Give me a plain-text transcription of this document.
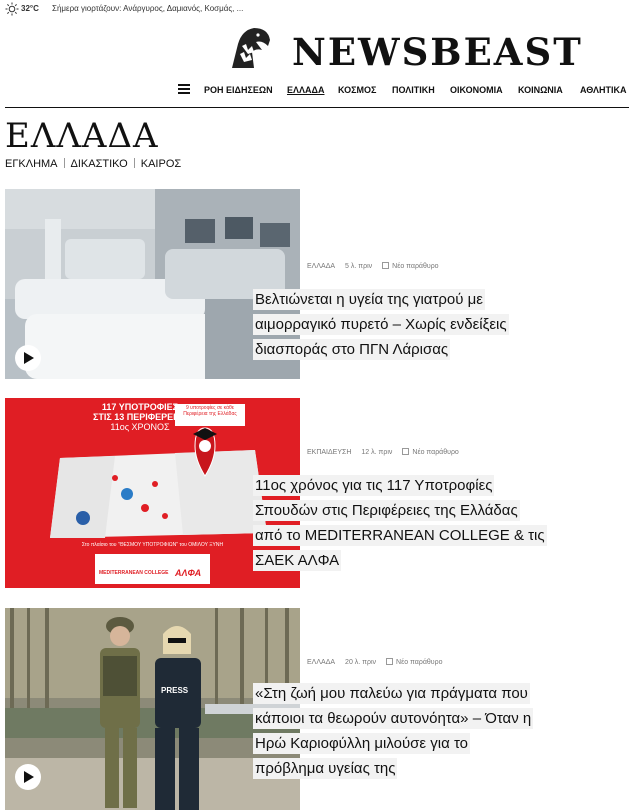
32°C Σήμερα γιορτάζουν: Ανάργυρος, Δαμιανός, Κοσμάς, ...
NEWSBEAST
ΡΟΗ ΕΙΔΗΣΕΩΝ ΕΛΛΑΔΑ ΚΟΣΜΟΣ ΠΟΛΙΤΙΚΗ ΟΙΚΟΝΟΜΙΑ ΚΟΙΝΩΝΙΑ ΑΘΛΗΤΙΚΑ
ΕΛΛΑΔΑ
ΕΓΚΛΗΜΑ ΔΙΚΑΣΤΙΚΟ ΚΑΙΡΟΣ
ΕΛΛΑΔΑ 5 λ. πριν	Νέο παράθυρο
Βελτιώνεται η υγεία της γιατρού με
αιμορραγικό πυρετό – Χωρίς ενδείξεις
διασποράς στο ΠΓΝ Λάρισας
117 ΥΠΟΤΡΟΦΙΕΣ
ΣΤΙΣ 13 ΠΕΡΙΦΕΡΕΙΕΣ
11ος ΧΡΟΝΟΣ
9 υποτροφίες σε κάθε Περιφέρεια της Ελλάδας
Στο πλαίσιο του "ΘΕΣΜΟΥ ΥΠΟΤΡΟΦΙΩΝ" του ΟΜΙΛΟΥ ΞΥΝΗ
MEDITERRANEAN COLLEGE ΑΛΦΑ
ΕΚΠΑΙΔΕΥΣΗ 12 λ. πριν	Νέο παράθυρο
11ος χρόνος για τις 117 Υποτροφίες
Σπουδών στις Περιφέρειες της Ελλάδας
από το MEDITERRANEAN COLLEGE & τις
ΣΑΕΚ ΑΛΦΑ
PRESS
ΕΛΛΑΔΑ 20 λ. πριν	Νέο παράθυρο
«Στη ζωή μου παλεύω για πράγματα που
κάποιοι τα θεωρούν αυτονόητα» – Όταν η
Ηρώ Καριοφύλλη μιλούσε για το
πρόβλημα υγείας της
